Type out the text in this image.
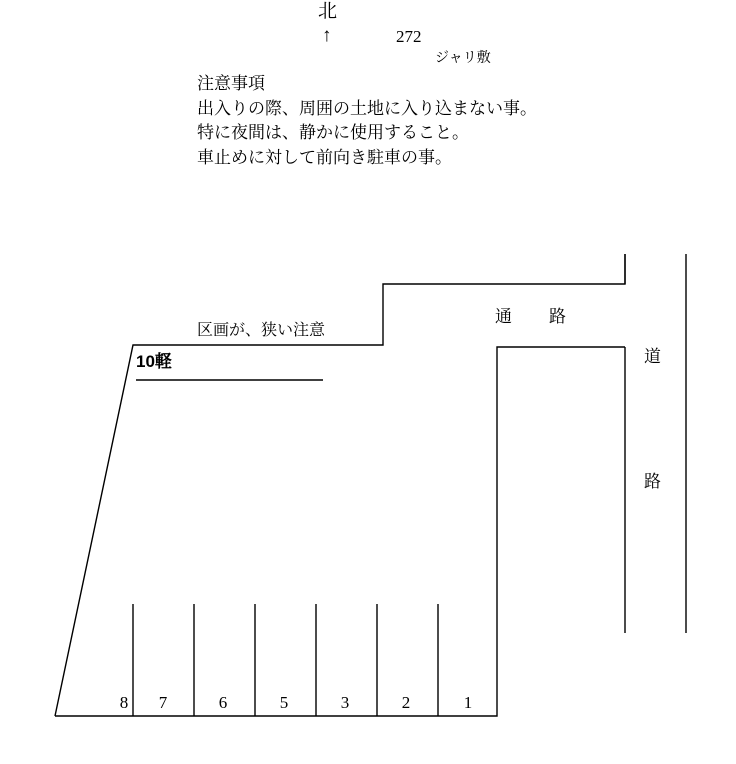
北
↑	272
ジャリ敷
注意事項
出入りの際、周囲の土地に入り込まない事。
特に夜間は、静かに使用すること。
車止めに対して前向き駐車の事。
区画が、狭い注意
10軽
通　路
道
路
8	7	6	5	3	2	1
